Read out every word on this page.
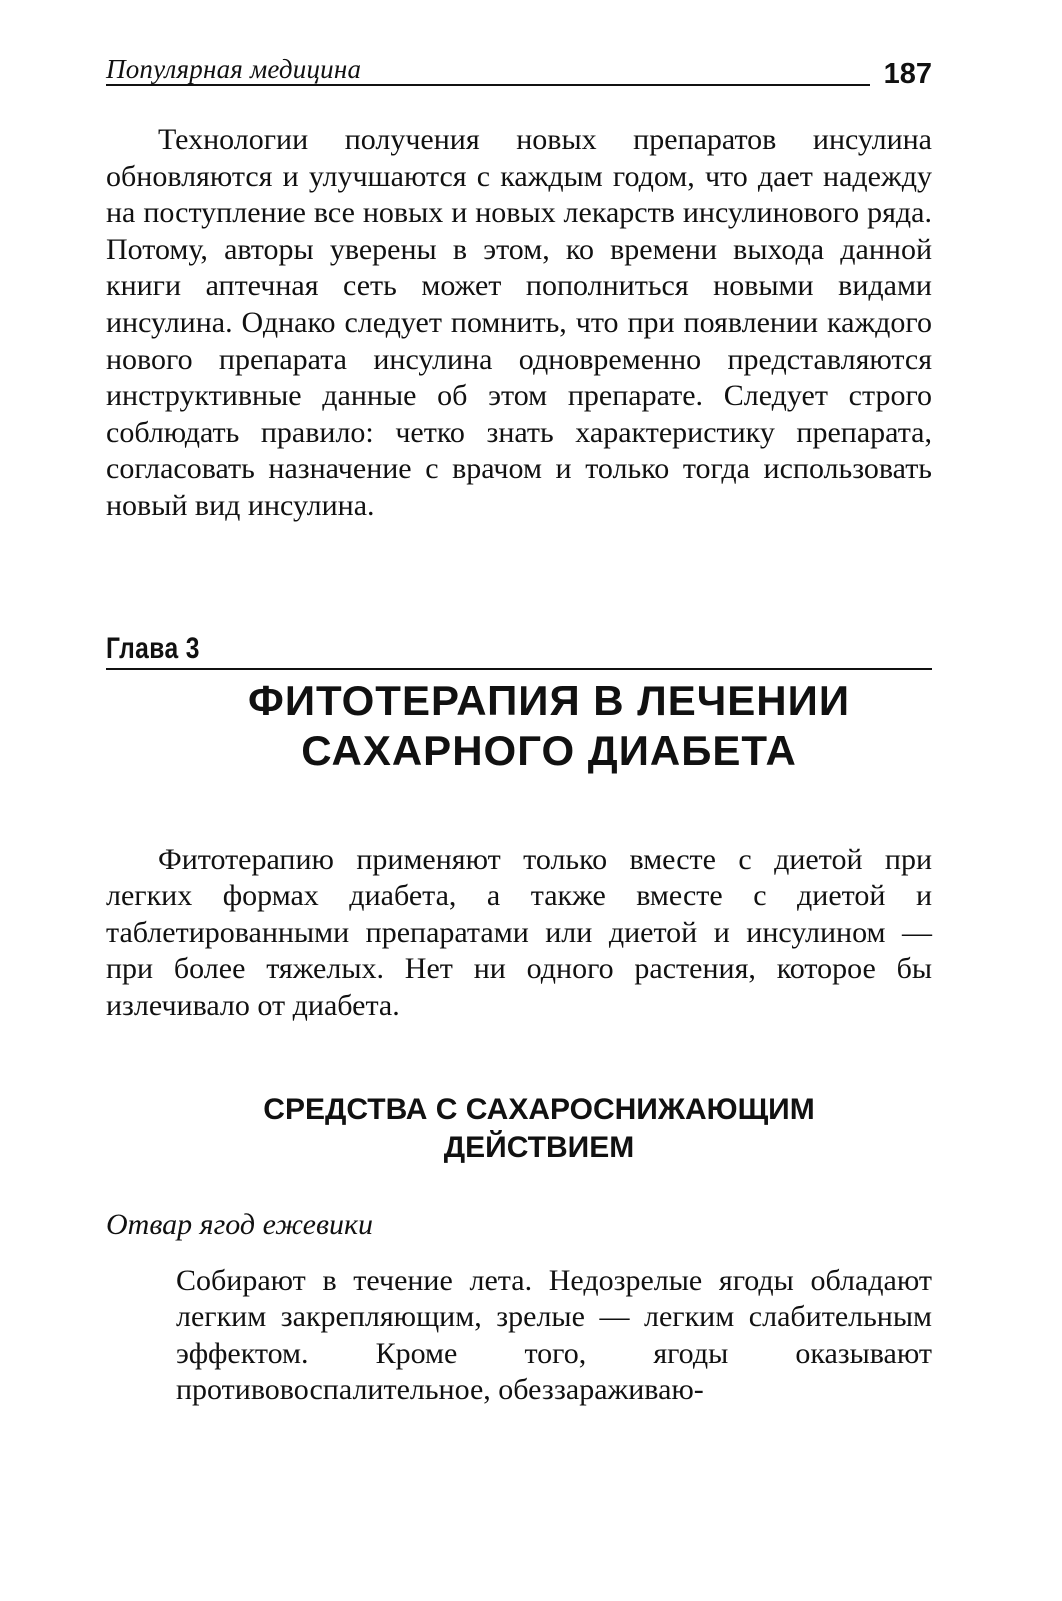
Популярная медицина	187

Технологии получения новых препаратов инсулина обновляются и улучшаются с каждым годом, что дает надежду на поступление все новых и новых лекарств инсулинового ряда. Потому, авторы уверены в этом, ко времени выхода данной книги аптечная сеть может пополниться новыми видами инсулина. Однако следует помнить, что при появлении каждого нового препарата инсулина одновременно представляются инструктивные данные об этом препарате. Следует строго соблюдать правило: четко знать характеристику препарата, согласовать назначение с врачом и только тогда использовать новый вид инсулина.

Глава 3
ФИТОТЕРАПИЯ В ЛЕЧЕНИИ
САХАРНОГО ДИАБЕТА

Фитотерапию применяют только вместе с диетой при легких формах диабета, а также вместе с диетой и таблетированными препаратами или диетой и инсулином — при более тяжелых. Нет ни одного растения, которое бы излечивало от диабета.

СРЕДСТВА С САХАРОСНИЖАЮЩИМ
ДЕЙСТВИЕМ
Отвар ягод ежевики

Собирают в течение лета. Недозрелые ягоды обладают легким закрепляющим, зрелые — легким слабительным эффектом. Кроме того, ягоды оказывают противовоспалительное, обеззараживаю-
